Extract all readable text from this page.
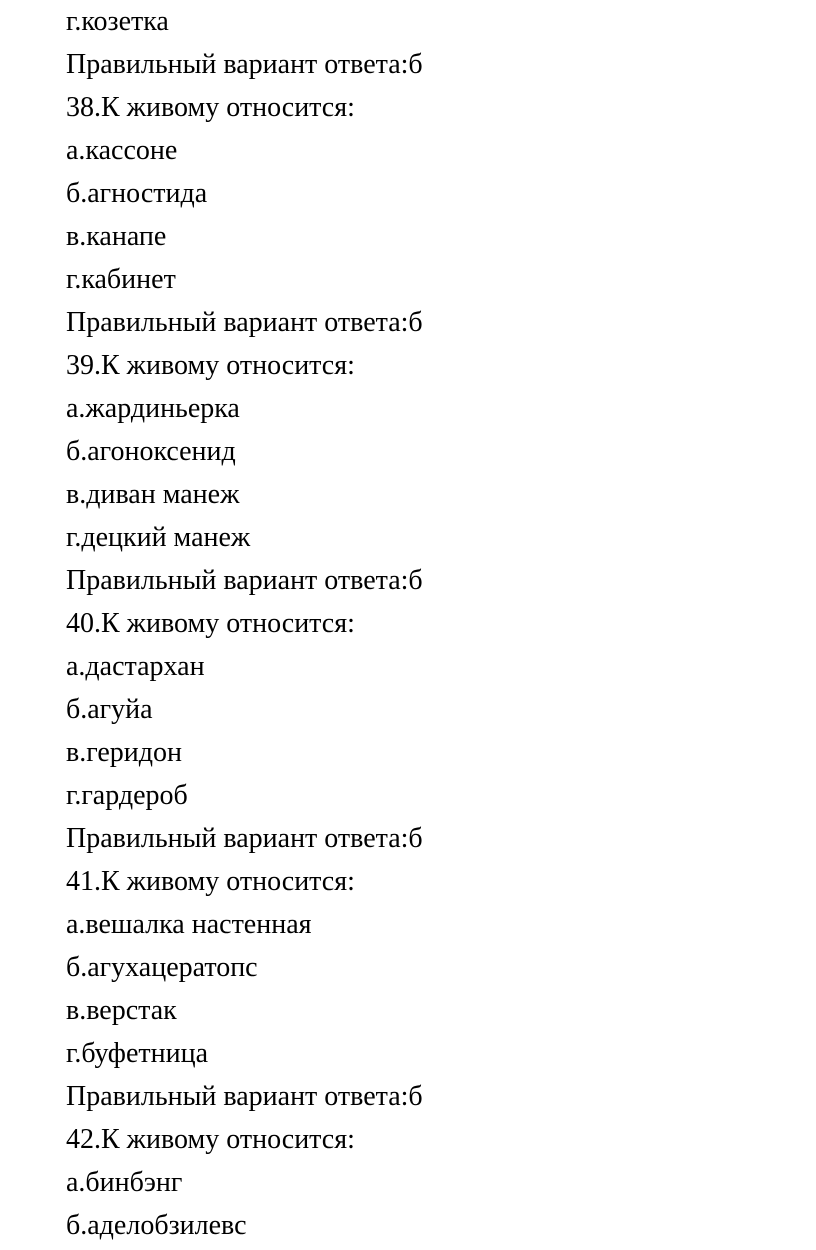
г.козетка
Правильный вариант ответа:б
38.К живому относится:
а.кассоне
б.агностида
в.канапе
г.кабинет
Правильный вариант ответа:б
39.К живому относится:
а.жардиньерка
б.агоноксенид
в.диван манеж
г.децкий манеж
Правильный вариант ответа:б
40.К живому относится:
а.дастархан
б.агуйа
в.геридон
г.гардероб
Правильный вариант ответа:б
41.К живому относится:
а.вешалка настенная
б.агухацератопс
в.верстак
г.буфетница
Правильный вариант ответа:б
42.К живому относится:
а.бинбэнг
б.аделобзилевс
